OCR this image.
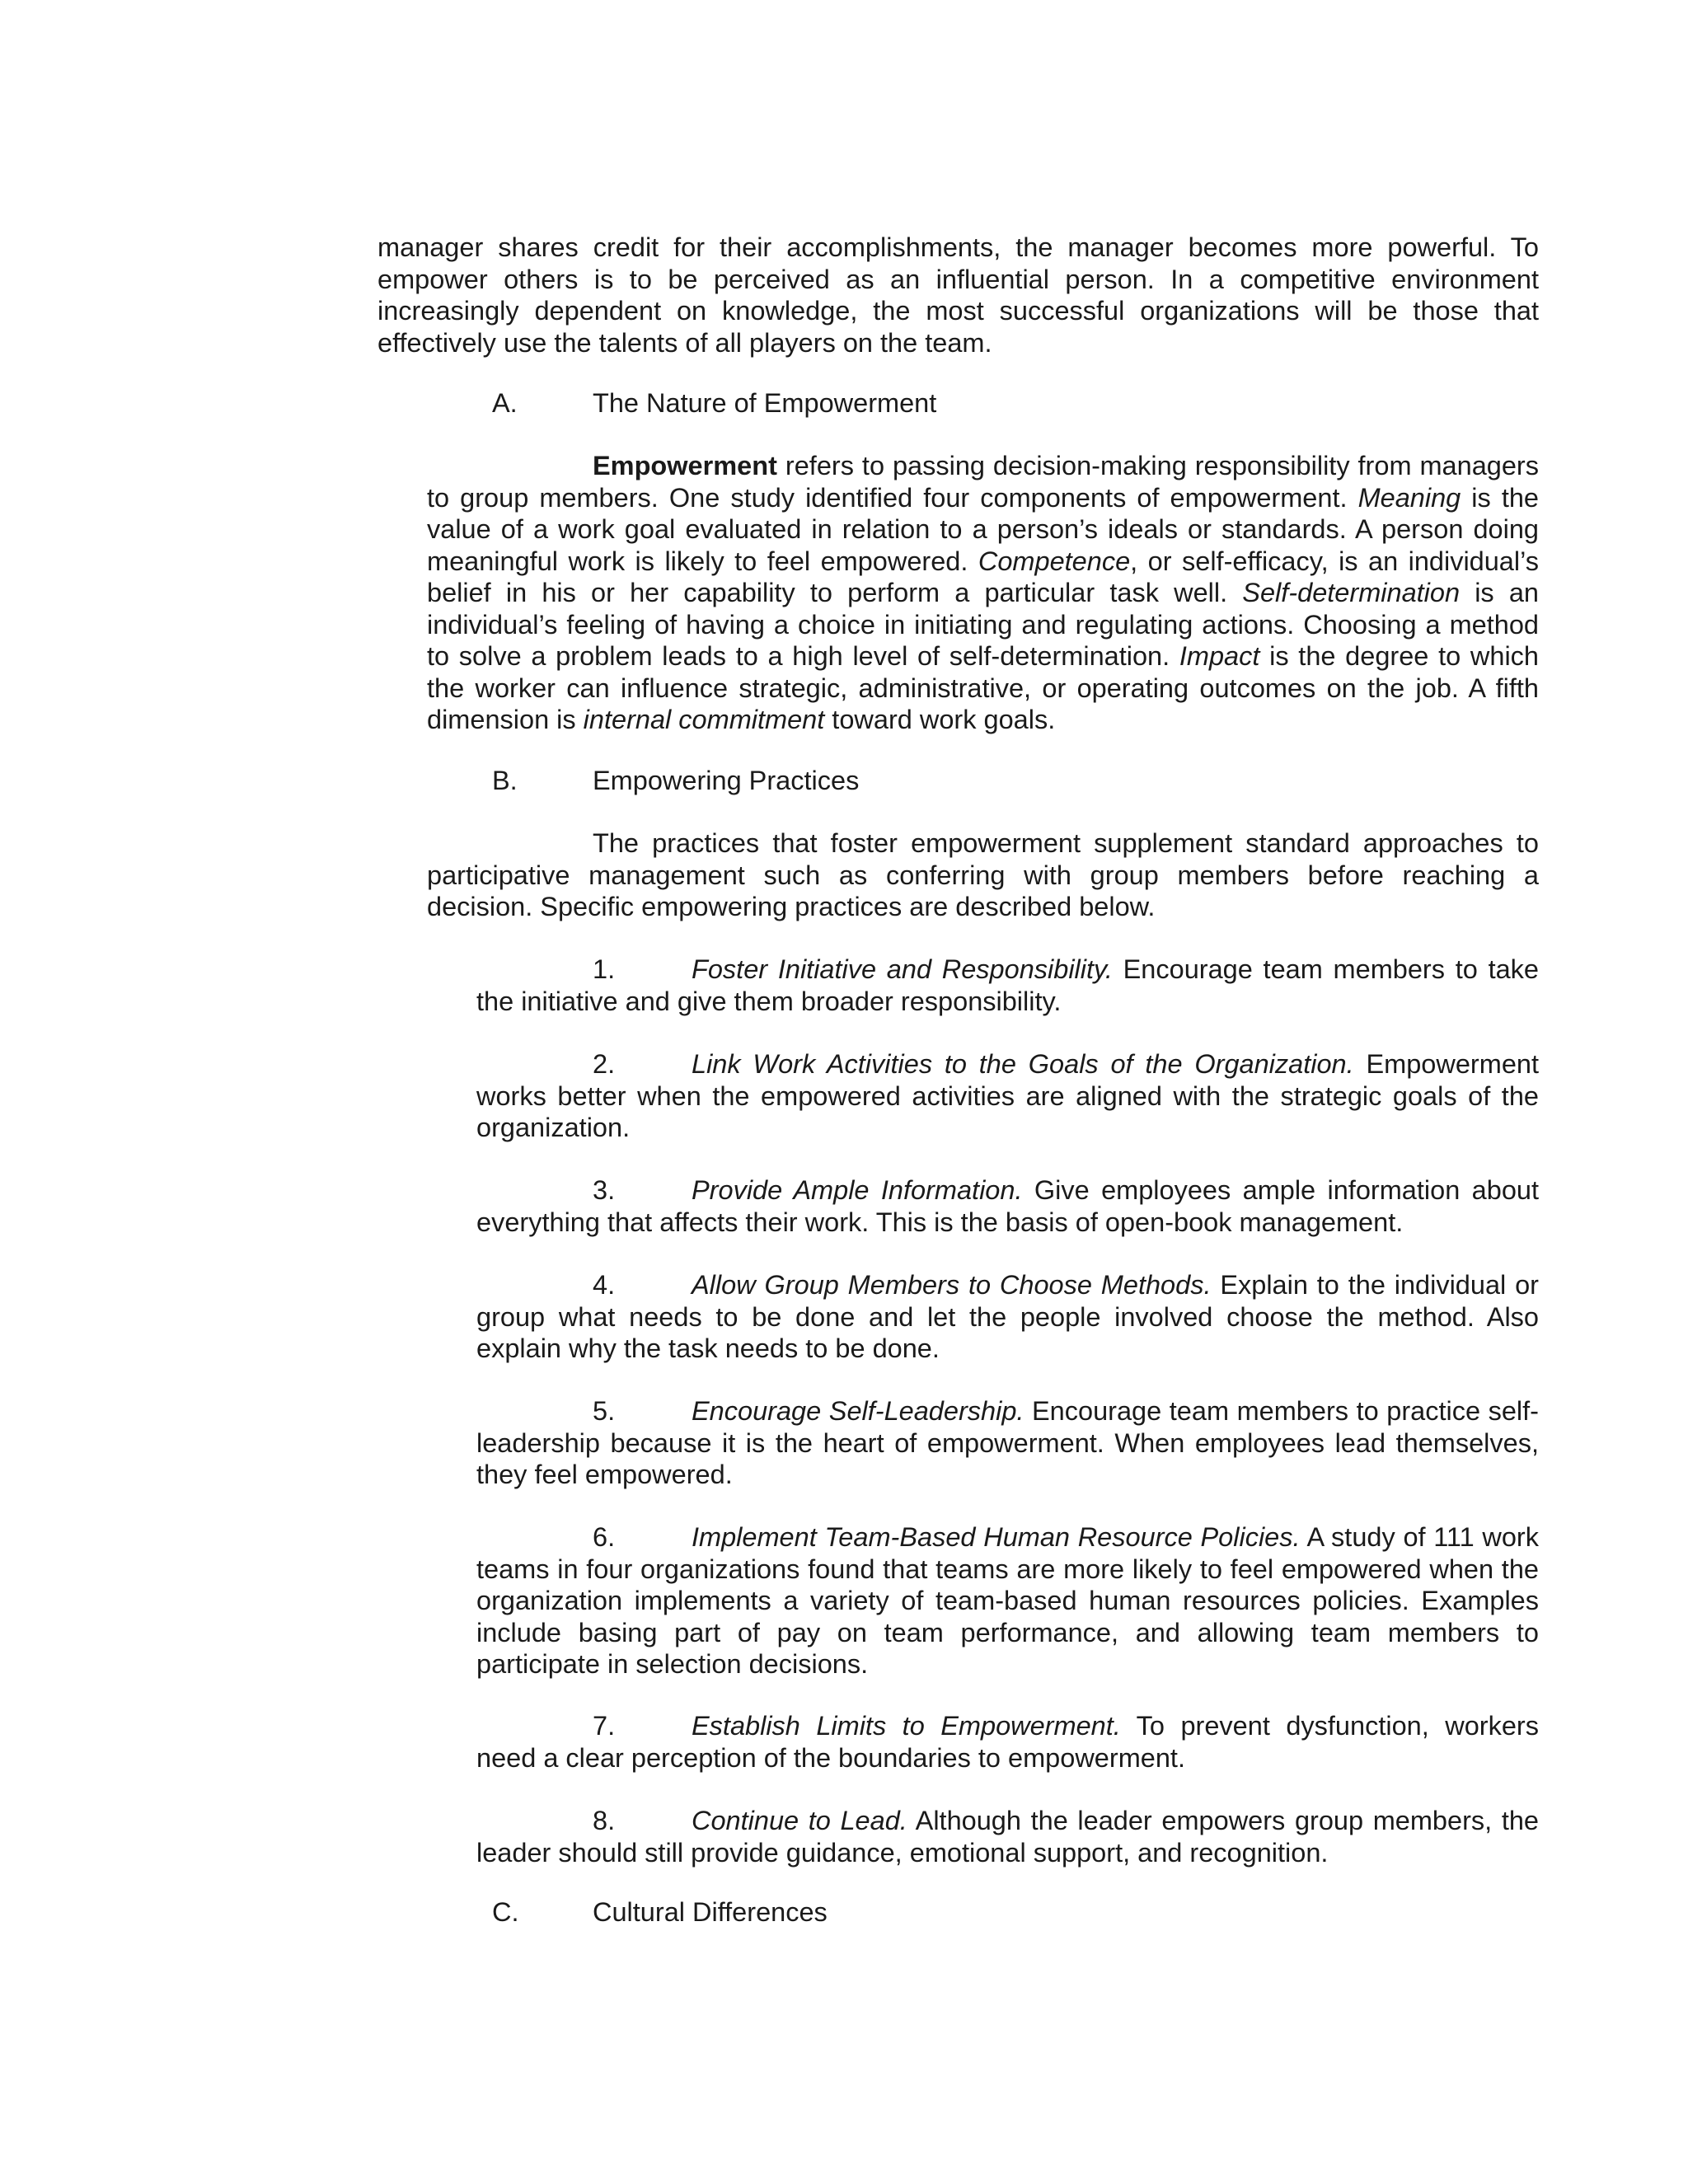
manager shares credit for their accomplishments, the manager becomes more powerful. To empower others is to be perceived as an influential person. In a competitive environment increasingly dependent on knowledge, the most successful organizations will be those that effectively use the talents of all players on the team.

A.	The Nature of Empowerment

Empowerment refers to passing decision-making responsibility from managers to group members. One study identified four components of empowerment. Meaning is the value of a work goal evaluated in relation to a person’s ideals or standards. A person doing meaningful work is likely to feel empowered. Competence, or self-efficacy, is an individual’s belief in his or her capability to perform a particular task well. Self-determination is an individual’s feeling of having a choice in initiating and regulating actions. Choosing a method to solve a problem leads to a high level of self-determination. Impact is the degree to which the worker can influence strategic, administrative, or operating outcomes on the job. A fifth dimension is internal commitment toward work goals.

B.	Empowering Practices

The practices that foster empowerment supplement standard approaches to participative management such as conferring with group members before reaching a decision. Specific empowering practices are described below.

1.	Foster Initiative and Responsibility. Encourage team members to take the initiative and give them broader responsibility.

2.	Link Work Activities to the Goals of the Organization. Empowerment works better when the empowered activities are aligned with the strategic goals of the organization.

3.	Provide Ample Information. Give employees ample information about everything that affects their work. This is the basis of open-book management.

4.	Allow Group Members to Choose Methods. Explain to the individual or group what needs to be done and let the people involved choose the method. Also explain why the task needs to be done.

5.	Encourage Self-Leadership. Encourage team members to practice self-leadership because it is the heart of empowerment. When employees lead themselves, they feel empowered.

6.	Implement Team-Based Human Resource Policies. A study of 111 work teams in four organizations found that teams are more likely to feel empowered when the organization implements a variety of team-based human resources policies. Examples include basing part of pay on team performance, and allowing team members to participate in selection decisions.

7.	Establish Limits to Empowerment. To prevent dysfunction, workers need a clear perception of the boundaries to empowerment.

8.	Continue to Lead. Although the leader empowers group members, the leader should still provide guidance, emotional support, and recognition.

C.	Cultural Differences
